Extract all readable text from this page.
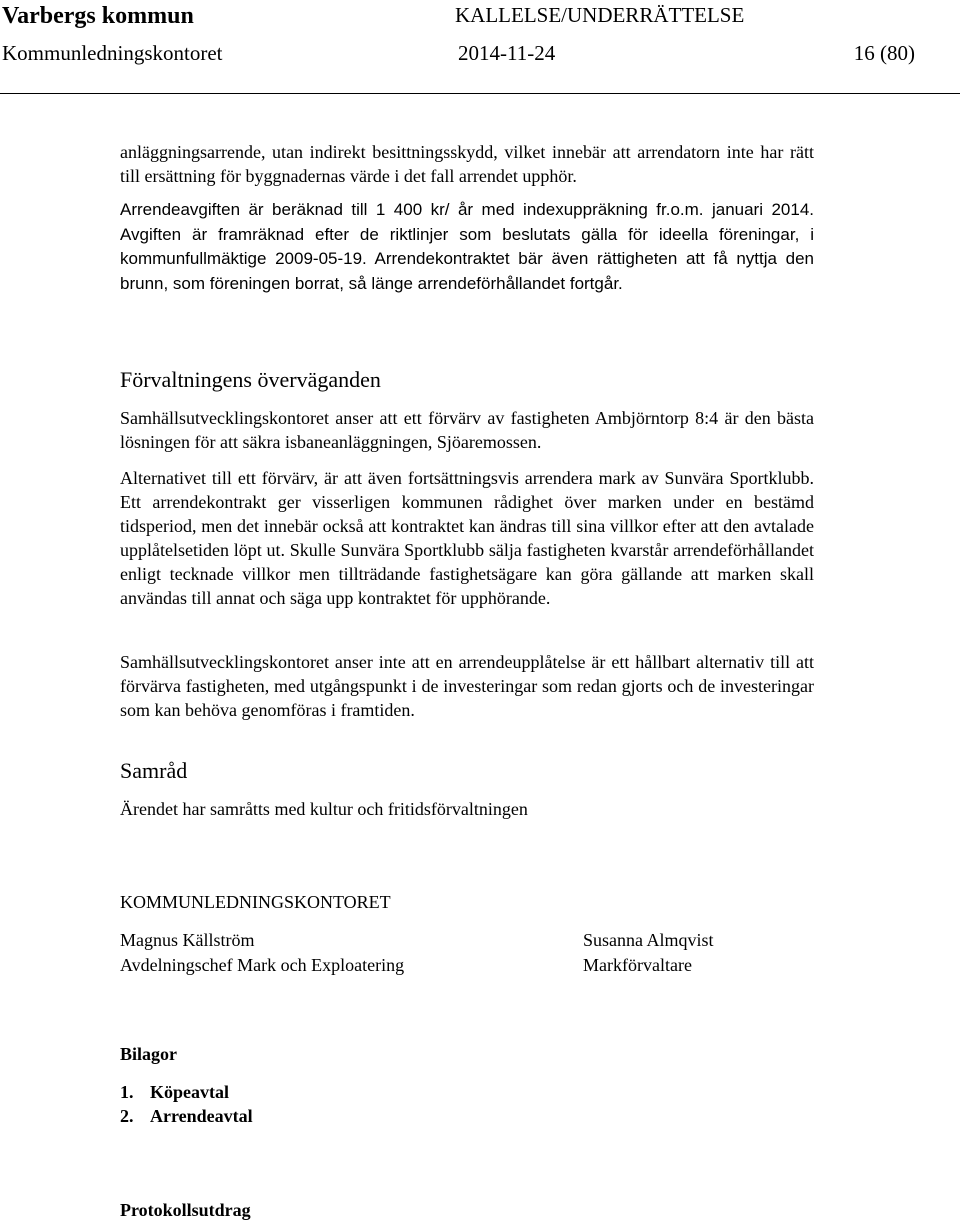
Varbergs kommun	KALLELSE/UNDERRÄTTELSE
Kommunledningskontoret	2014-11-24	16 (80)
anläggningsarrende, utan indirekt besittningsskydd, vilket innebär att arrendatorn inte har rätt till ersättning för byggnadernas värde i det fall arrendet upphör.
Arrendeavgiften är beräknad till 1 400 kr/ år med indexuppräkning fr.o.m. januari 2014. Avgiften är framräknad efter de riktlinjer som beslutats gälla för ideella föreningar, i kommunfullmäktige 2009-05-19. Arrendekontraktet bär även rättigheten att få nyttja den brunn, som föreningen borrat, så länge arrendeförhållandet fortgår.
Förvaltningens överväganden
Samhällsutvecklingskontoret anser att ett förvärv av fastigheten Ambjörntorp 8:4 är den bästa lösningen för att säkra isbaneanläggningen, Sjöaremossen.
Alternativet till ett förvärv, är att även fortsättningsvis arrendera mark av Sunvära Sportklubb. Ett arrendekontrakt ger visserligen kommunen rådighet över marken under en bestämd tidsperiod, men det innebär också att kontraktet kan ändras till sina villkor efter att den avtalade upplåtelsetiden löpt ut. Skulle Sunvära Sportklubb sälja fastigheten kvarstår arrendeförhållandet enligt tecknade villkor men tillträdande fastighetsägare kan göra gällande att marken skall användas till annat och säga upp kontraktet för upphörande.
Samhällsutvecklingskontoret anser inte att en arrendeupplåtelse är ett hållbart alternativ till att förvärva fastigheten, med utgångspunkt i de investeringar som redan gjorts och de investeringar som kan behöva genomföras i framtiden.
Samråd
Ärendet har samråtts med kultur och fritidsförvaltningen
KOMMUNLEDNINGSKONTORET
Magnus Källström
Avdelningschef Mark och Exploatering
Susanna Almqvist
Markförvaltare
Bilagor
1. Köpeavtal
2. Arrendeavtal
Protokollsutdrag
